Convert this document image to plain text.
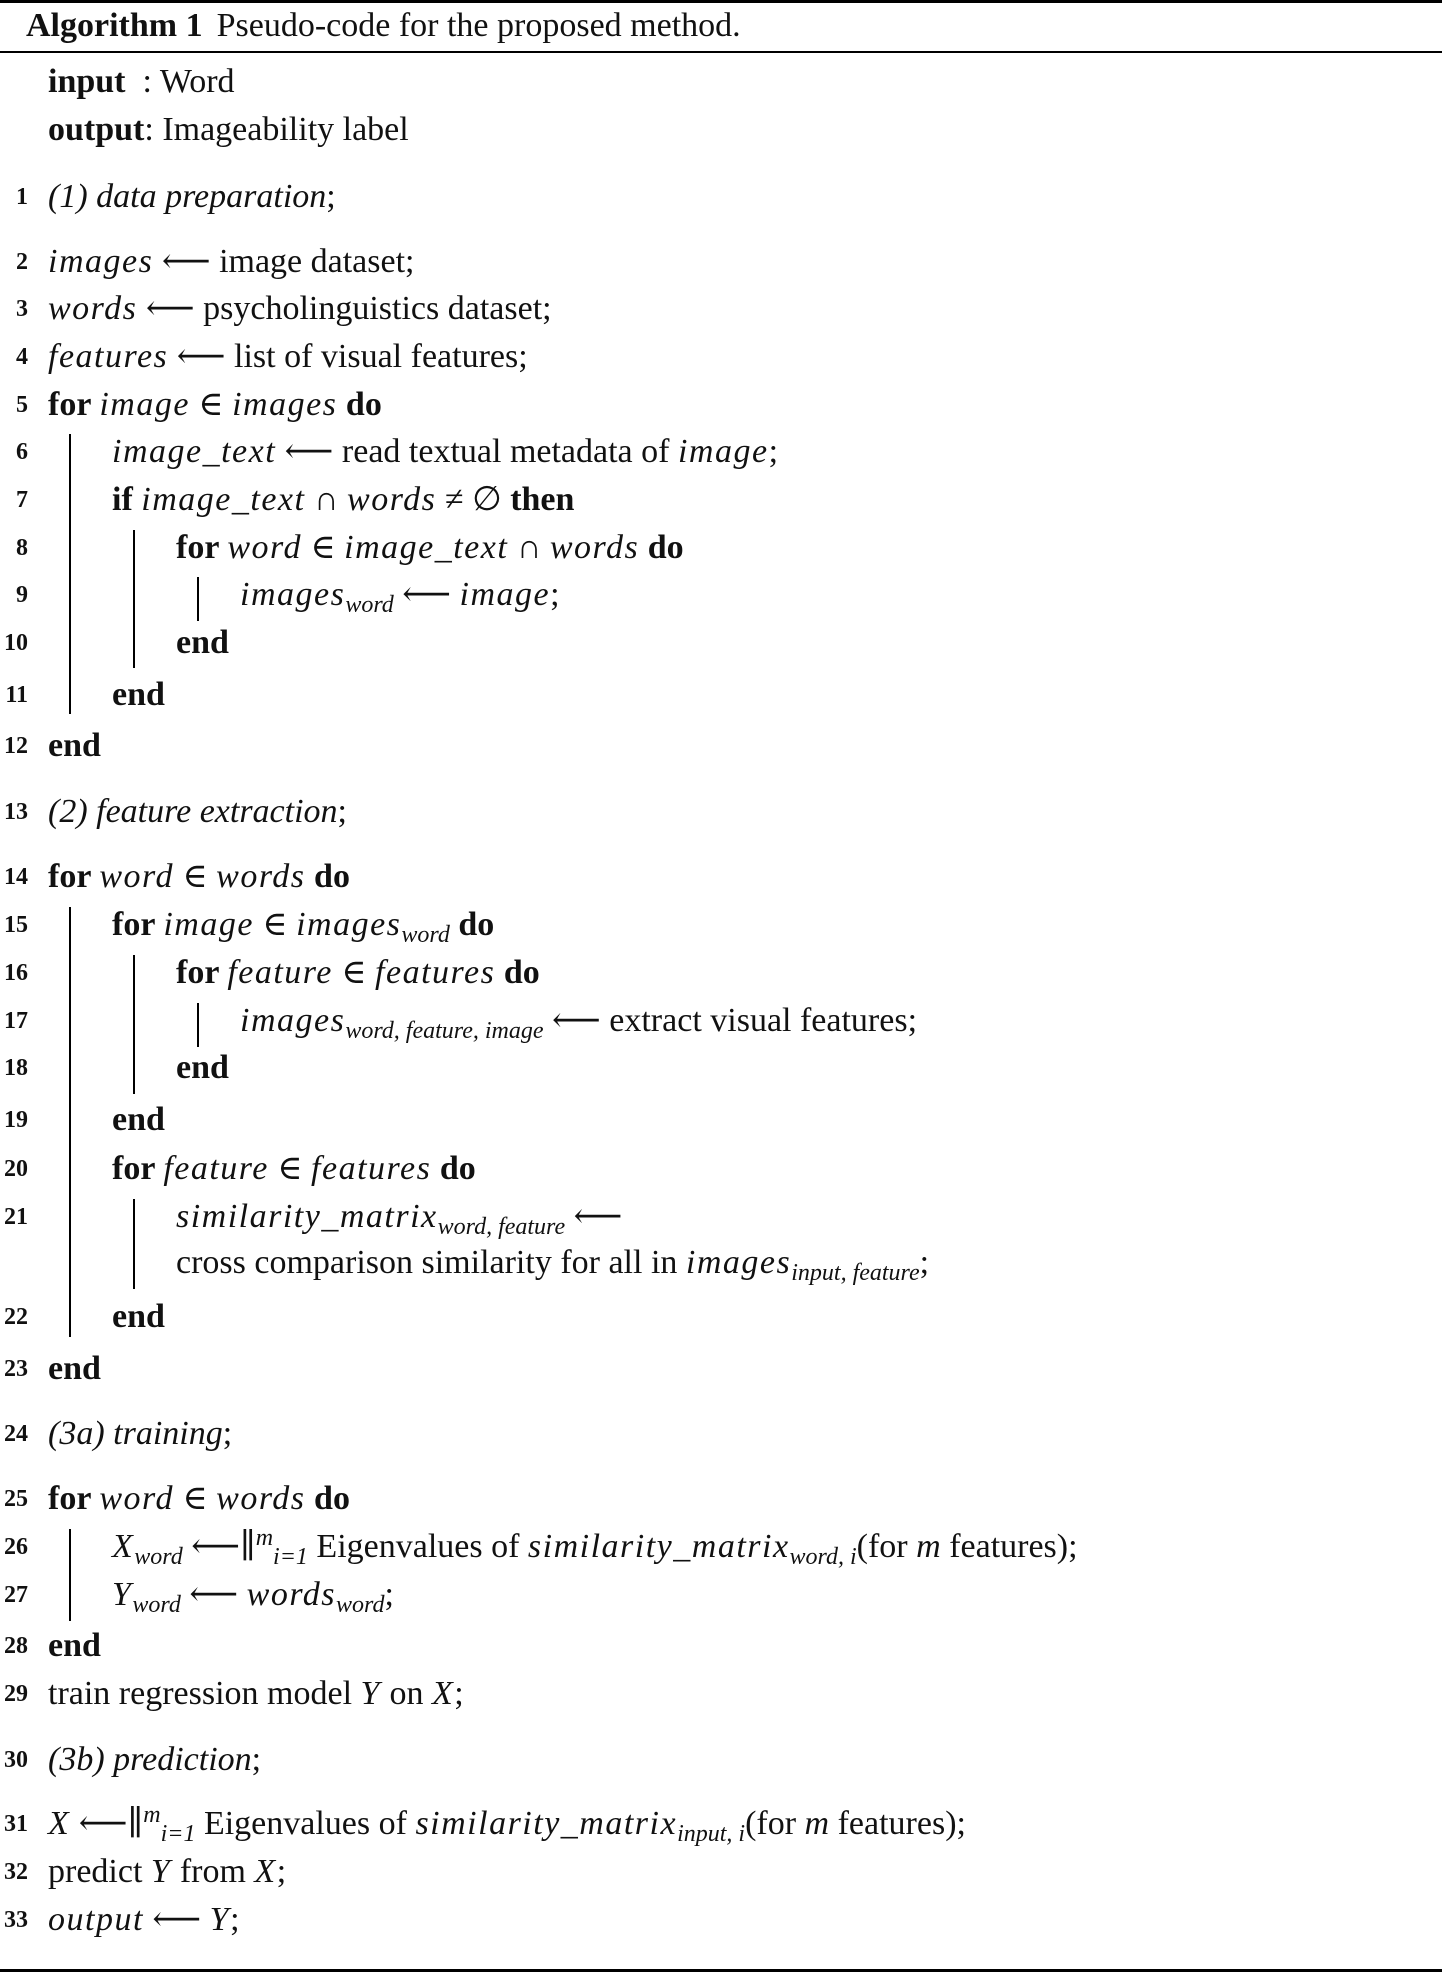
Algorithm 1 Pseudo-code for the proposed method.
input  : Word
output: Imageability label
1 (1) data preparation;
2 images ⟵ image dataset;
3 words ⟵ psycholinguistics dataset;
4 features ⟵ list of visual features;
5 for image ∈ images do
6 image_text ⟵ read textual metadata of image;
7 if image_text ∩ words ≠ ∅ then
8	for word ∈ image_text ∩ words do
9	images$_{word}$ ⟵ image;
10	end
11 end
12 end
13 (2) feature extraction;
14 for word ∈ words do
15 for image ∈ images$_{word}$ do
16	for feature ∈ features do
17	images$_{word, feature, image}$ ⟵ extract visual features;
18	end
19 end
20 for feature ∈ features do
21	similarity_matrix$_{word, feature}$ ⟵
cross comparison similarity for all in images$_{input, feature}$;
22 end
23 end
24 (3a) training;
25 for word ∈ words do
26 $X_{word}$ ⟵∥$^m_{i=1}$ Eigenvalues of similarity_matrix$_{word, i}$(for m features);
27 $Y_{word}$ ⟵ words$_{word}$;
28 end
29 train regression model Y on X;
30 (3b) prediction;
31 X ⟵∥$^m_{i=1}$ Eigenvalues of similarity_matrix$_{input, i}$(for m features);
32 predict Y from X;
33 output ⟵ Y;
